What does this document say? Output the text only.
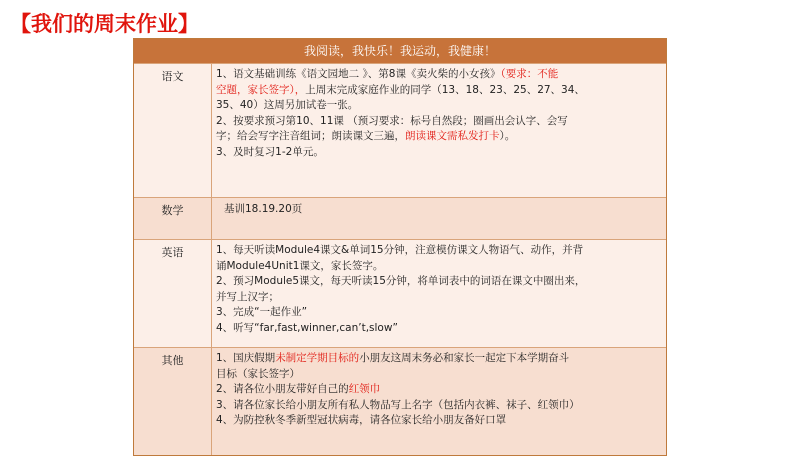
【我们的周末作业】
我阅读，我快乐！我运动，我健康！
语文	1、语文基础训练《语文园地二 》、第8课《卖火柴的小女孩》（要求：不能
空题，家长签字），上周末完成家庭作业的同学（13、18、23、25、27、34、
35、40）这周另加试卷一张。
2、按要求预习第10、11课 （预习要求：标号自然段；圈画出会认字、会写
字；给会写字注音组词；朗读课文三遍，朗读课文需私发打卡）。
3、及时复习1-2单元。
数学	基训18.19.20页
英语	1、每天听读Module4课文&单词15分钟，注意模仿课文人物语气、动作，并背
诵Module4Unit1课文，家长签字。
2、预习Module5课文，每天听读15分钟，将单词表中的词语在课文中圈出来，
并写上汉字；
3、完成“一起作业”
4、听写“far,fast,winner,can’t,slow”
其他	1、国庆假期未制定学期目标的小朋友这周末务必和家长一起定下本学期奋斗
目标（家长签字）
2、请各位小朋友带好自己的红领巾
3、请各位家长给小朋友所有私人物品写上名字（包括内衣裤、袜子、红领巾）
4、为防控秋冬季新型冠状病毒，请各位家长给小朋友备好口罩
